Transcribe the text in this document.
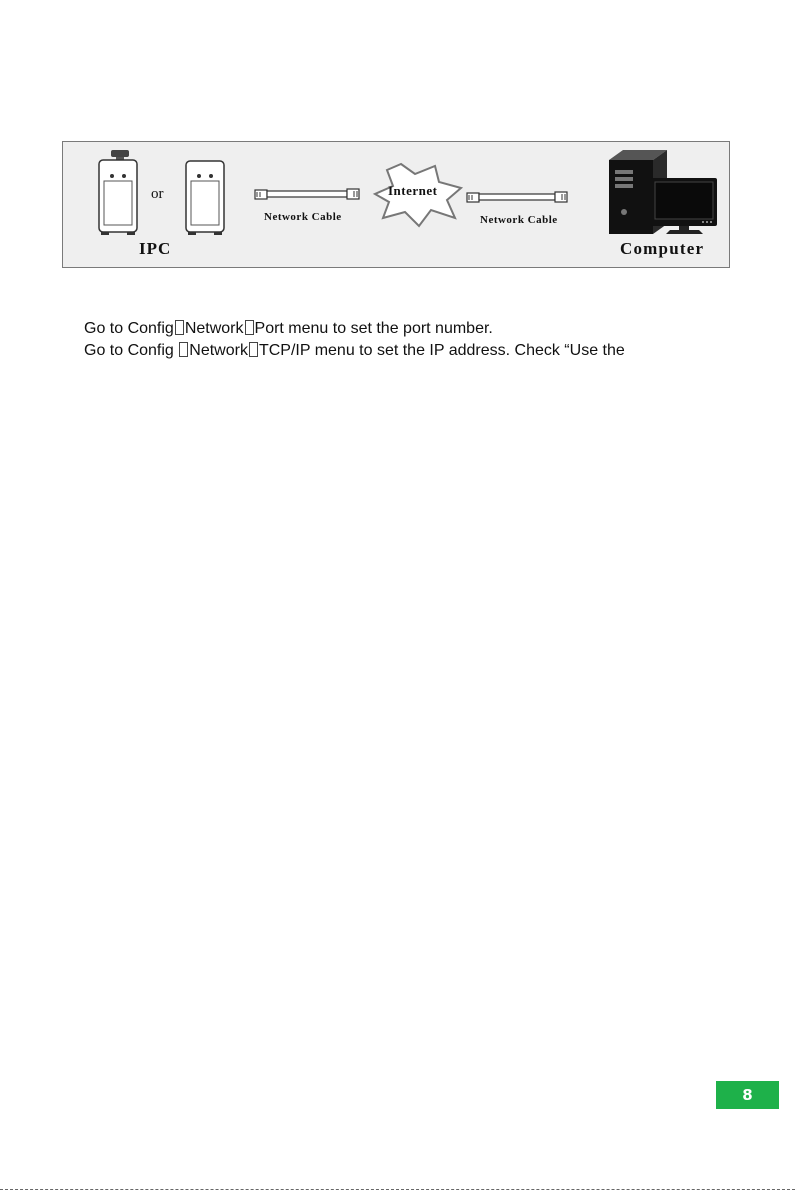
or
IPC
Network Cable
Internet
Network Cable
Computer
Go to Config Network Port menu to set the port number.
Go to Config Network TCP/IP menu to set the IP address. Check “Use the
8
